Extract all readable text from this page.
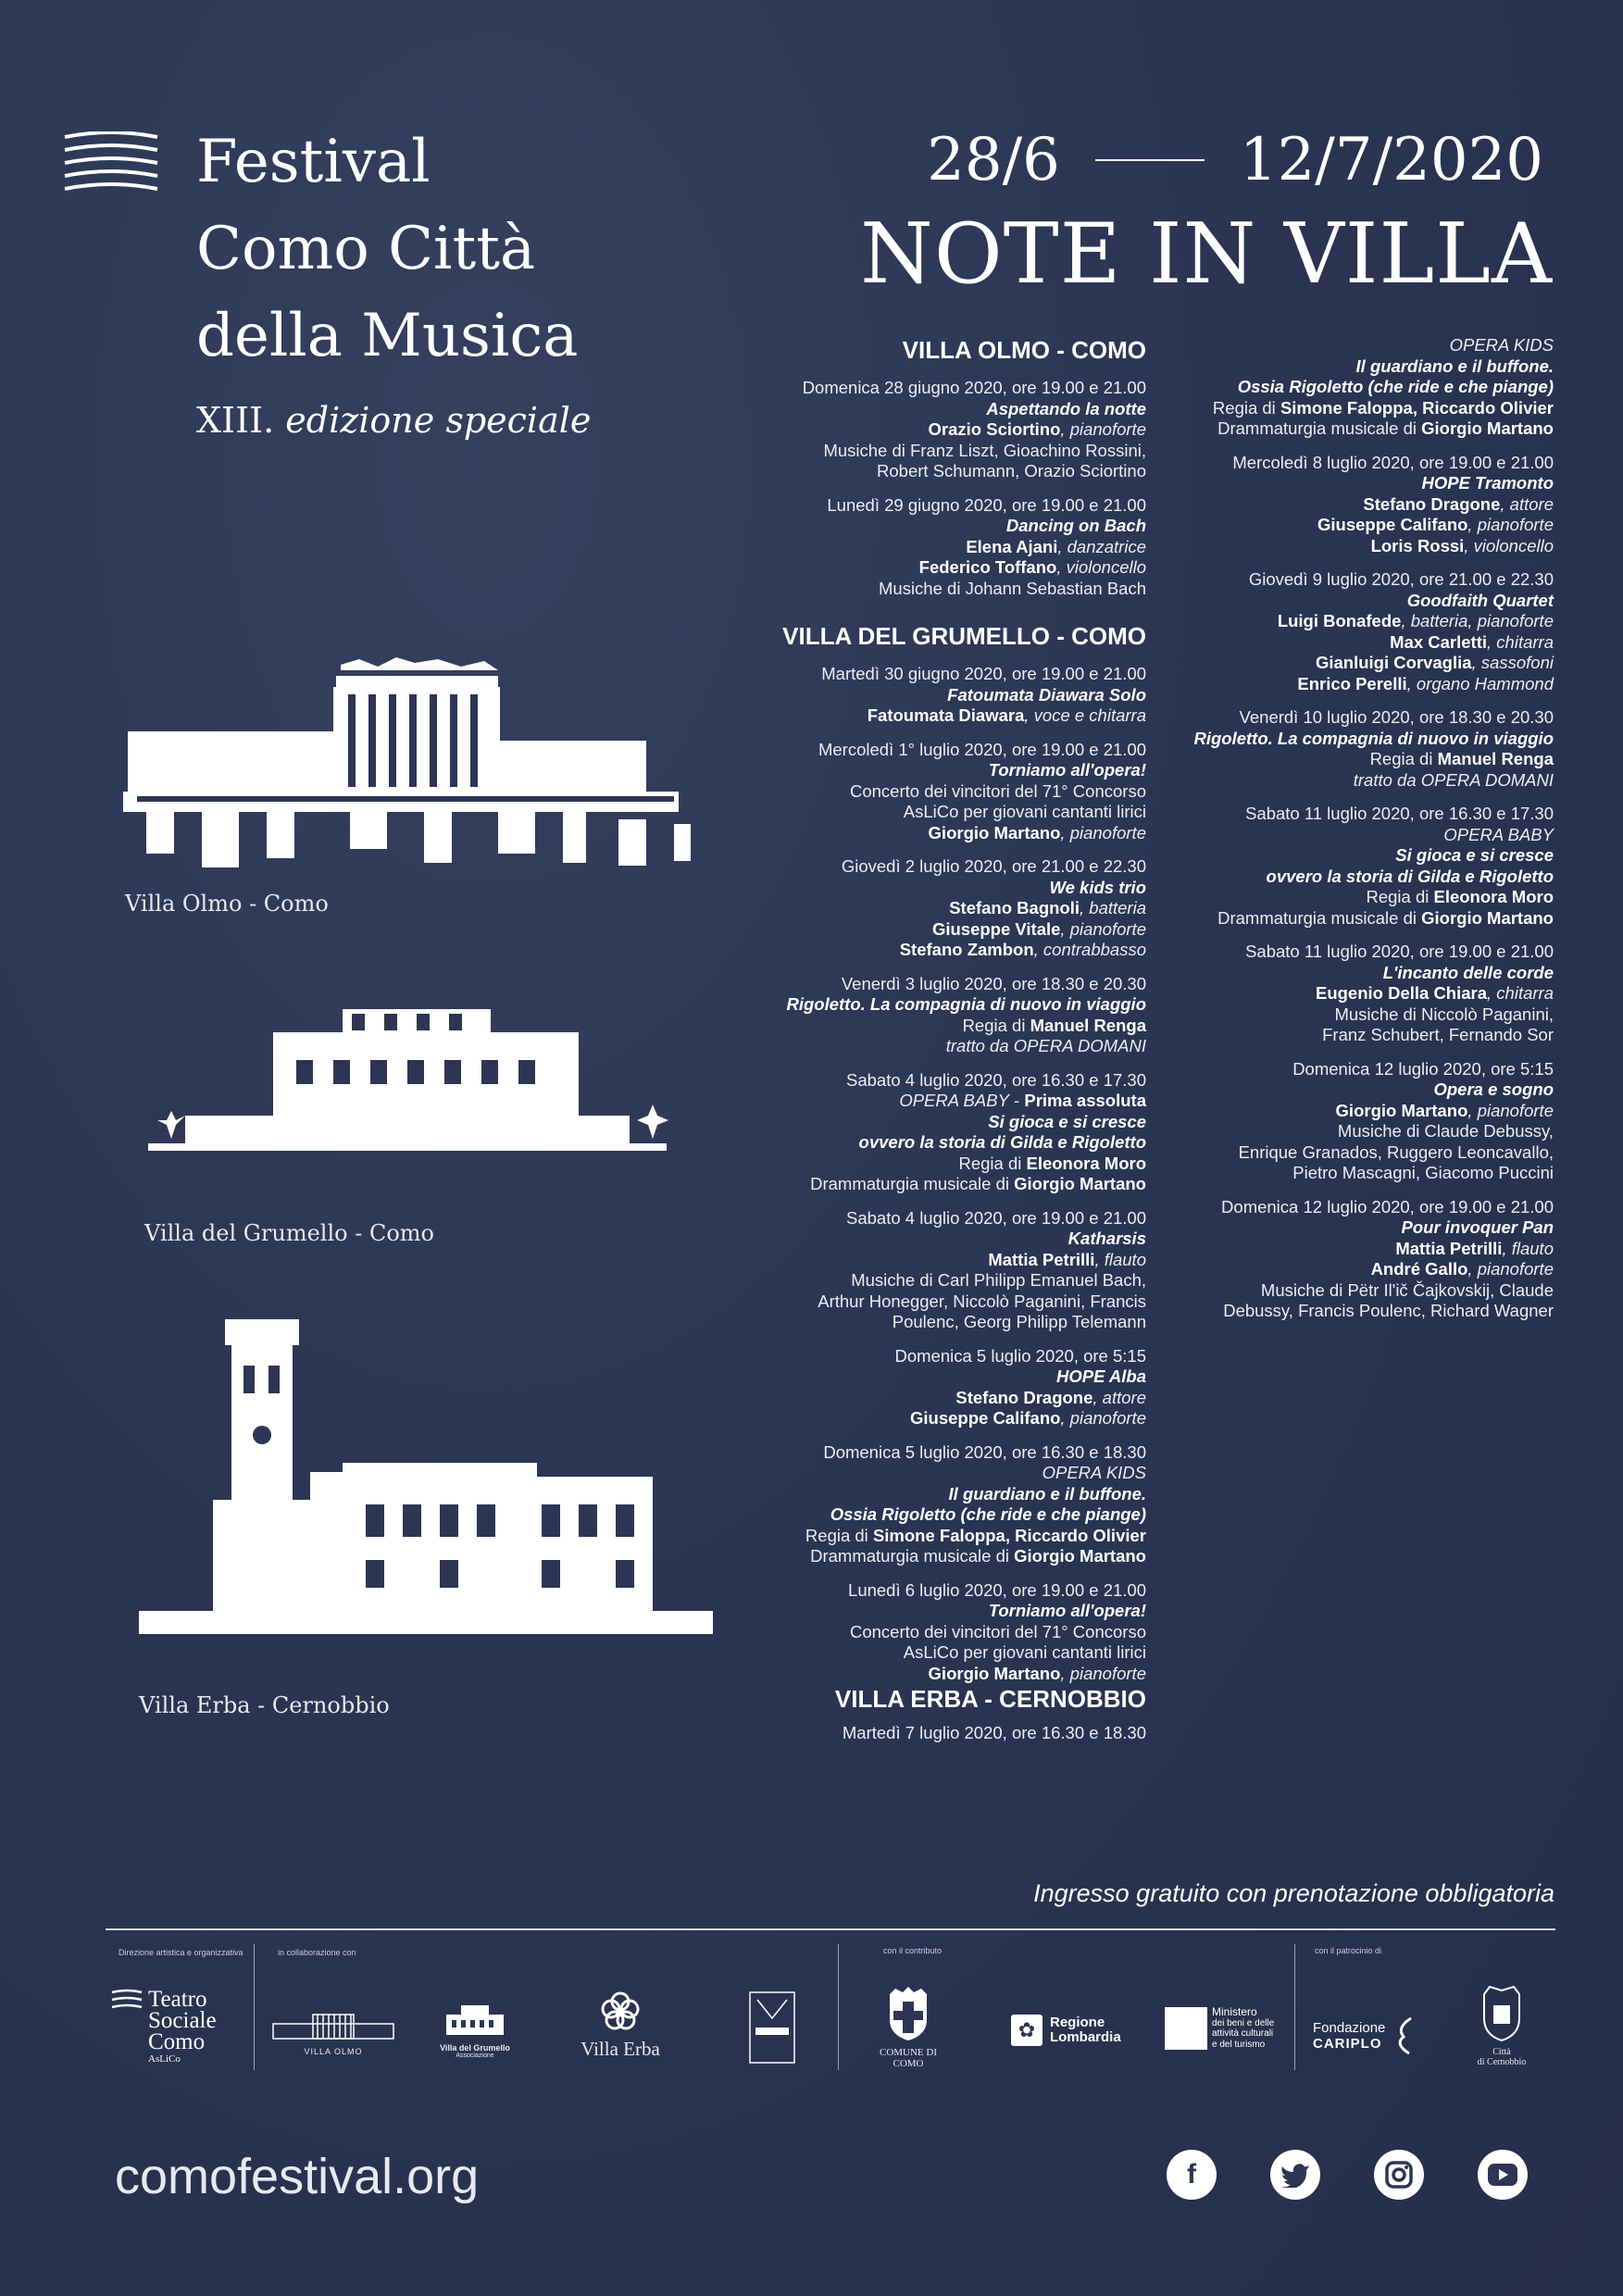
Festival
Como Città
della Musica
XIII. edizione speciale
28/6	12/7/2020
NOTE IN VILLA
Villa Olmo - Como
Villa del Grumello - Como
Villa Erba - Cernobbio
VILLA OLMO - COMO
Domenica 28 giugno 2020, ore 19.00 e 21.00
Aspettando la notte
Orazio Sciortino, pianoforte
Musiche di Franz Liszt, Gioachino Rossini,
Robert Schumann, Orazio Sciortino
Lunedì 29 giugno 2020, ore 19.00 e 21.00
Dancing on Bach
Elena Ajani, danzatrice
Federico Toffano, violoncello
Musiche di Johann Sebastian Bach
VILLA DEL GRUMELLO - COMO
Martedì 30 giugno 2020, ore 19.00 e 21.00
Fatoumata Diawara Solo
Fatoumata Diawara, voce e chitarra
Mercoledì 1° luglio 2020, ore 19.00 e 21.00
Torniamo all'opera!
Concerto dei vincitori del 71° Concorso
AsLiCo per giovani cantanti lirici
Giorgio Martano, pianoforte
Giovedì 2 luglio 2020, ore 21.00 e 22.30
We kids trio
Stefano Bagnoli, batteria
Giuseppe Vitale, pianoforte
Stefano Zambon, contrabbasso
Venerdì 3 luglio 2020, ore 18.30 e 20.30
Rigoletto. La compagnia di nuovo in viaggio
Regia di Manuel Renga
tratto da OPERA DOMANI
Sabato 4 luglio 2020, ore 16.30 e 17.30
OPERA BABY - Prima assoluta
Si gioca e si cresce
ovvero la storia di Gilda e Rigoletto
Regia di Eleonora Moro
Drammaturgia musicale di Giorgio Martano
Sabato 4 luglio 2020, ore 19.00 e 21.00
Katharsis
Mattia Petrilli, flauto
Musiche di Carl Philipp Emanuel Bach,
Arthur Honegger, Niccolò Paganini, Francis
Poulenc, Georg Philipp Telemann
Domenica 5 luglio 2020, ore 5:15
HOPE Alba
Stefano Dragone, attore
Giuseppe Califano, pianoforte
Domenica 5 luglio 2020, ore 16.30 e 18.30
OPERA KIDS
Il guardiano e il buffone.
Ossia Rigoletto (che ride e che piange)
Regia di Simone Faloppa, Riccardo Olivier
Drammaturgia musicale di Giorgio Martano
Lunedì 6 luglio 2020, ore 19.00 e 21.00
Torniamo all'opera!
Concerto dei vincitori del 71° Concorso
AsLiCo per giovani cantanti lirici
Giorgio Martano, pianoforte
VILLA ERBA - CERNOBBIO
Martedì 7 luglio 2020, ore 16.30 e 18.30
OPERA KIDS
Il guardiano e il buffone.
Ossia Rigoletto (che ride e che piange)
Regia di Simone Faloppa, Riccardo Olivier
Drammaturgia musicale di Giorgio Martano
Mercoledì 8 luglio 2020, ore 19.00 e 21.00
HOPE Tramonto
Stefano Dragone, attore
Giuseppe Califano, pianoforte
Loris Rossi, violoncello
Giovedì 9 luglio 2020, ore 21.00 e 22.30
Goodfaith Quartet
Luigi Bonafede, batteria, pianoforte
Max Carletti, chitarra
Gianluigi Corvaglia, sassofoni
Enrico Perelli, organo Hammond
Venerdì 10 luglio 2020, ore 18.30 e 20.30
Rigoletto. La compagnia di nuovo in viaggio
Regia di Manuel Renga
tratto da OPERA DOMANI
Sabato 11 luglio 2020, ore 16.30 e 17.30
OPERA BABY
Si gioca e si cresce
ovvero la storia di Gilda e Rigoletto
Regia di Eleonora Moro
Drammaturgia musicale di Giorgio Martano
Sabato 11 luglio 2020, ore 19.00 e 21.00
L'incanto delle corde
Eugenio Della Chiara, chitarra
Musiche di Niccolò Paganini,
Franz Schubert, Fernando Sor
Domenica 12 luglio 2020, ore 5:15
Opera e sogno
Giorgio Martano, pianoforte
Musiche di Claude Debussy,
Enrique Granados, Ruggero Leoncavallo,
Pietro Mascagni, Giacomo Puccini
Domenica 12 luglio 2020, ore 19.00 e 21.00
Pour invoquer Pan
Mattia Petrilli, flauto
André Gallo, pianoforte
Musiche di Pëtr Il'ič Čajkovskij, Claude
Debussy, Francis Poulenc, Richard Wagner
Ingresso gratuito con prenotazione obbligatoria
Direzione artistica e organizzativa	in collaborazione con	con il contributo	con il patrocinio di
Teatro
Sociale
Como
AsLiCo
VILLA OLMO	Villa del Grumello
Associazione	Villa Erba	COMUNE DI COMO
✿	Regione
Lombardia
Ministero
dei beni e delle
attività culturali
e del turismo
Fondazione
CARIPLO
Città
di Cernobbio
comofestival.org	f
